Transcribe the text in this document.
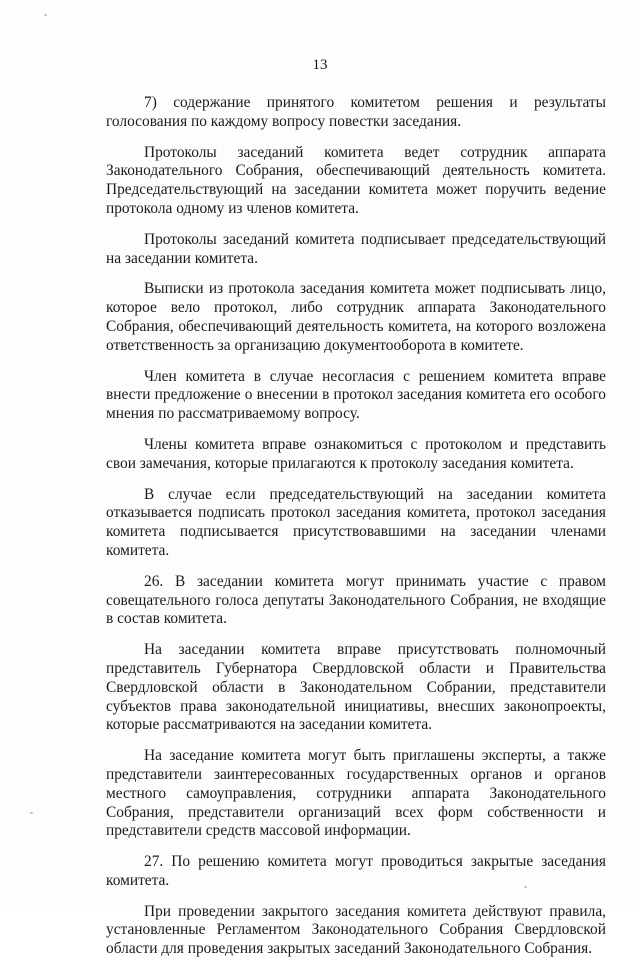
13

7) содержание принятого комитетом решения и результаты голосования по каждому вопросу повестки заседания.

Протоколы заседаний комитета ведет сотрудник аппарата Законодательного Собрания, обеспечивающий деятельность комитета. Председательствующий на заседании комитета может поручить ведение протокола одному из членов комитета.

Протоколы заседаний комитета подписывает председательствующий на заседании комитета.

Выписки из протокола заседания комитета может подписывать лицо, которое вело протокол, либо сотрудник аппарата Законодательного Собрания, обеспечивающий деятельность комитета, на которого возложена ответственность за организацию документооборота в комитете.

Член комитета в случае несогласия с решением комитета вправе внести предложение о внесении в протокол заседания комитета его особого мнения по рассматриваемому вопросу.

Члены комитета вправе ознакомиться с протоколом и представить свои замечания, которые прилагаются к протоколу заседания комитета.

В случае если председательствующий на заседании комитета отказывается подписать протокол заседания комитета, протокол заседания комитета подписывается присутствовавшими на заседании членами комитета.

26. В заседании комитета могут принимать участие с правом совещательного голоса депутаты Законодательного Собрания, не входящие в состав комитета.

На заседании комитета вправе присутствовать полномочный представитель Губернатора Свердловской области и Правительства Свердловской области в Законодательном Собрании, представители субъектов права законодательной инициативы, внесших законопроекты, которые рассматриваются на заседании комитета.

На заседание комитета могут быть приглашены эксперты, а также представители заинтересованных государственных органов и органов местного самоуправления, сотрудники аппарата Законодательного Собрания, представители организаций всех форм собственности и представители средств массовой информации.

27. По решению комитета могут проводиться закрытые заседания комитета.

При проведении закрытого заседания комитета действуют правила, установленные Регламентом Законодательного Собрания Свердловской области для проведения закрытых заседаний Законодательного Собрания.
